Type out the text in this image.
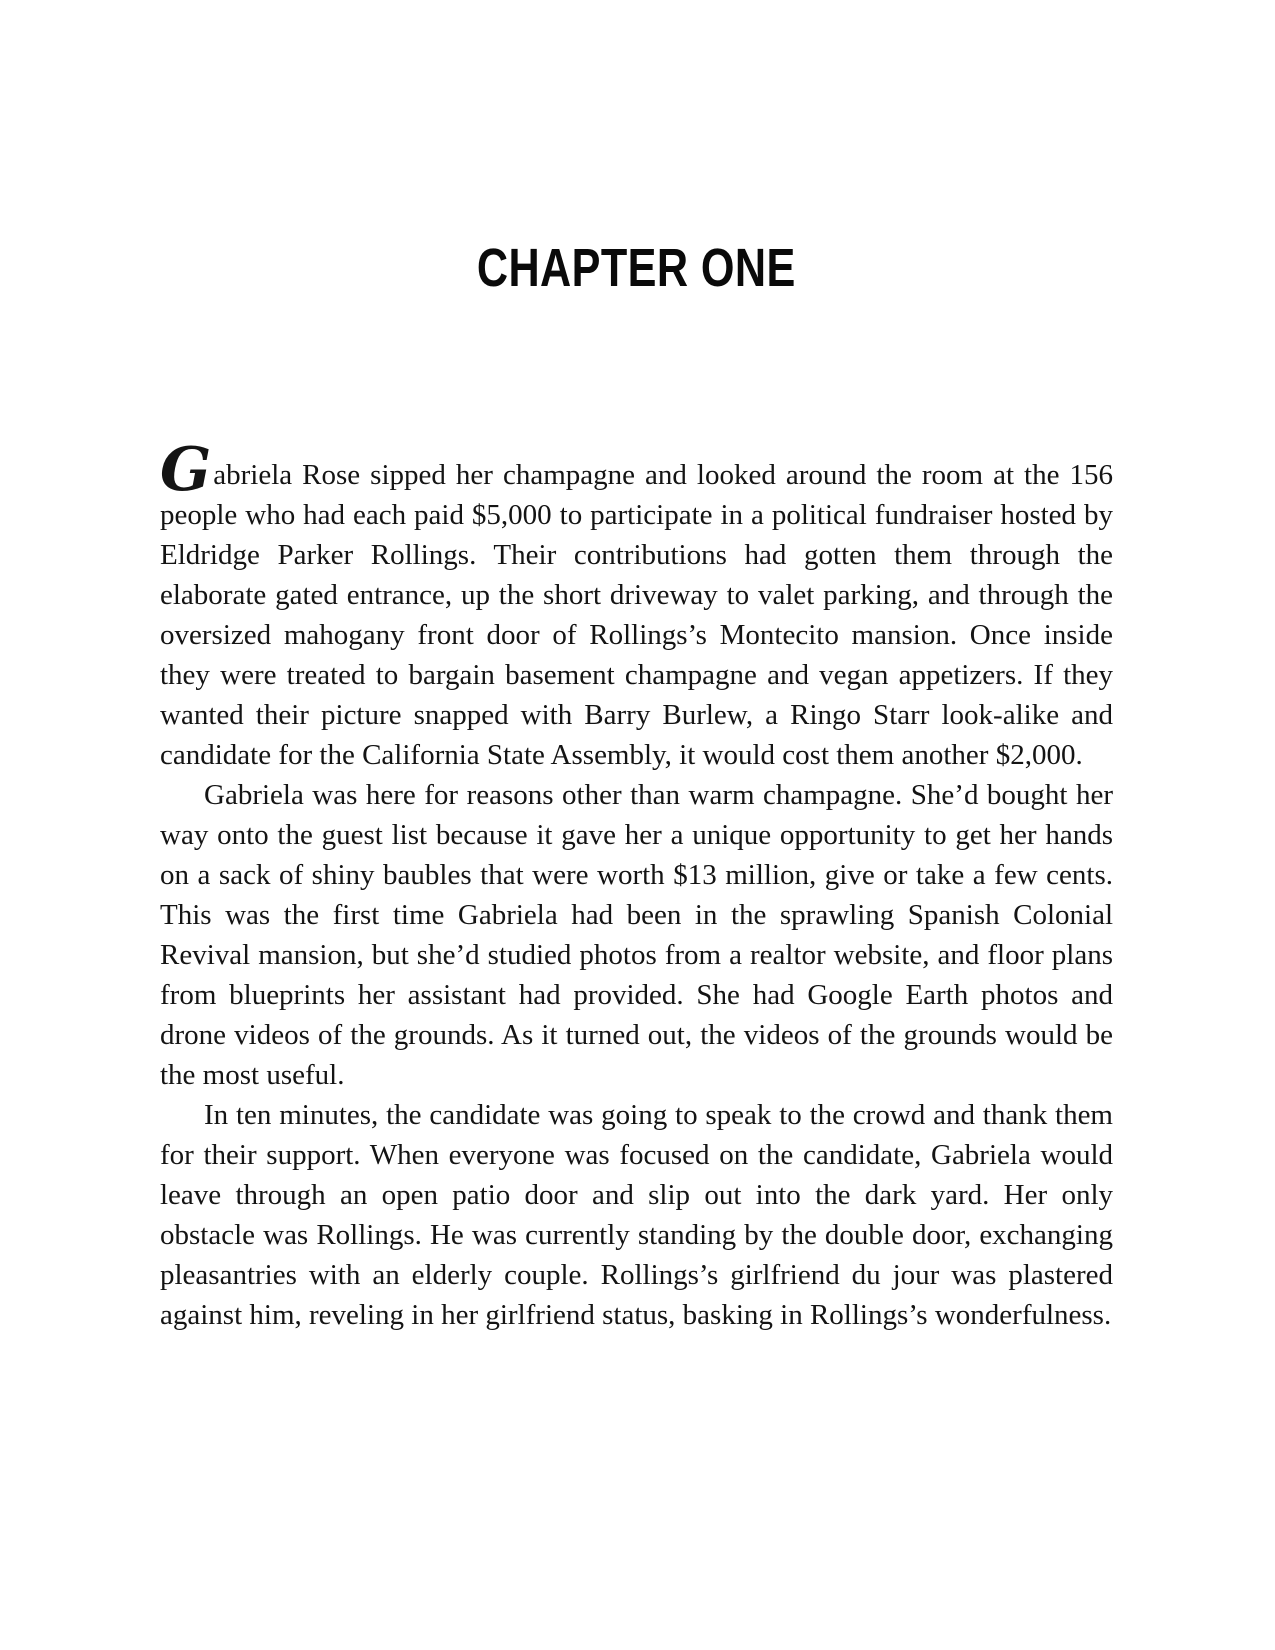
CHAPTER ONE

Gabriela Rose sipped her champagne and looked around the room at the 156 people who had each paid $5,000 to participate in a political fundraiser hosted by Eldridge Parker Rollings. Their contributions had gotten them through the elaborate gated entrance, up the short driveway to valet parking, and through the oversized mahogany front door of Rollings’s Montecito mansion. Once inside they were treated to bargain basement champagne and vegan appetizers. If they wanted their picture snapped with Barry Burlew, a Ringo Starr look-alike and candidate for the California State Assembly, it would cost them another $2,000.

Gabriela was here for reasons other than warm champagne. She’d bought her way onto the guest list because it gave her a unique opportunity to get her hands on a sack of shiny baubles that were worth $13 million, give or take a few cents. This was the first time Gabriela had been in the sprawling Spanish Colonial Revival mansion, but she’d studied photos from a realtor website, and floor plans from blueprints her assistant had provided. She had Google Earth photos and drone videos of the grounds. As it turned out, the videos of the grounds would be the most useful.

In ten minutes, the candidate was going to speak to the crowd and thank them for their support. When everyone was focused on the candidate, Gabriela would leave through an open patio door and slip out into the dark yard. Her only obstacle was Rollings. He was currently standing by the double door, exchanging pleasantries with an elderly couple. Rollings’s girlfriend du jour was plastered against him, reveling in her girlfriend status, basking in Rollings’s wonderfulness.
